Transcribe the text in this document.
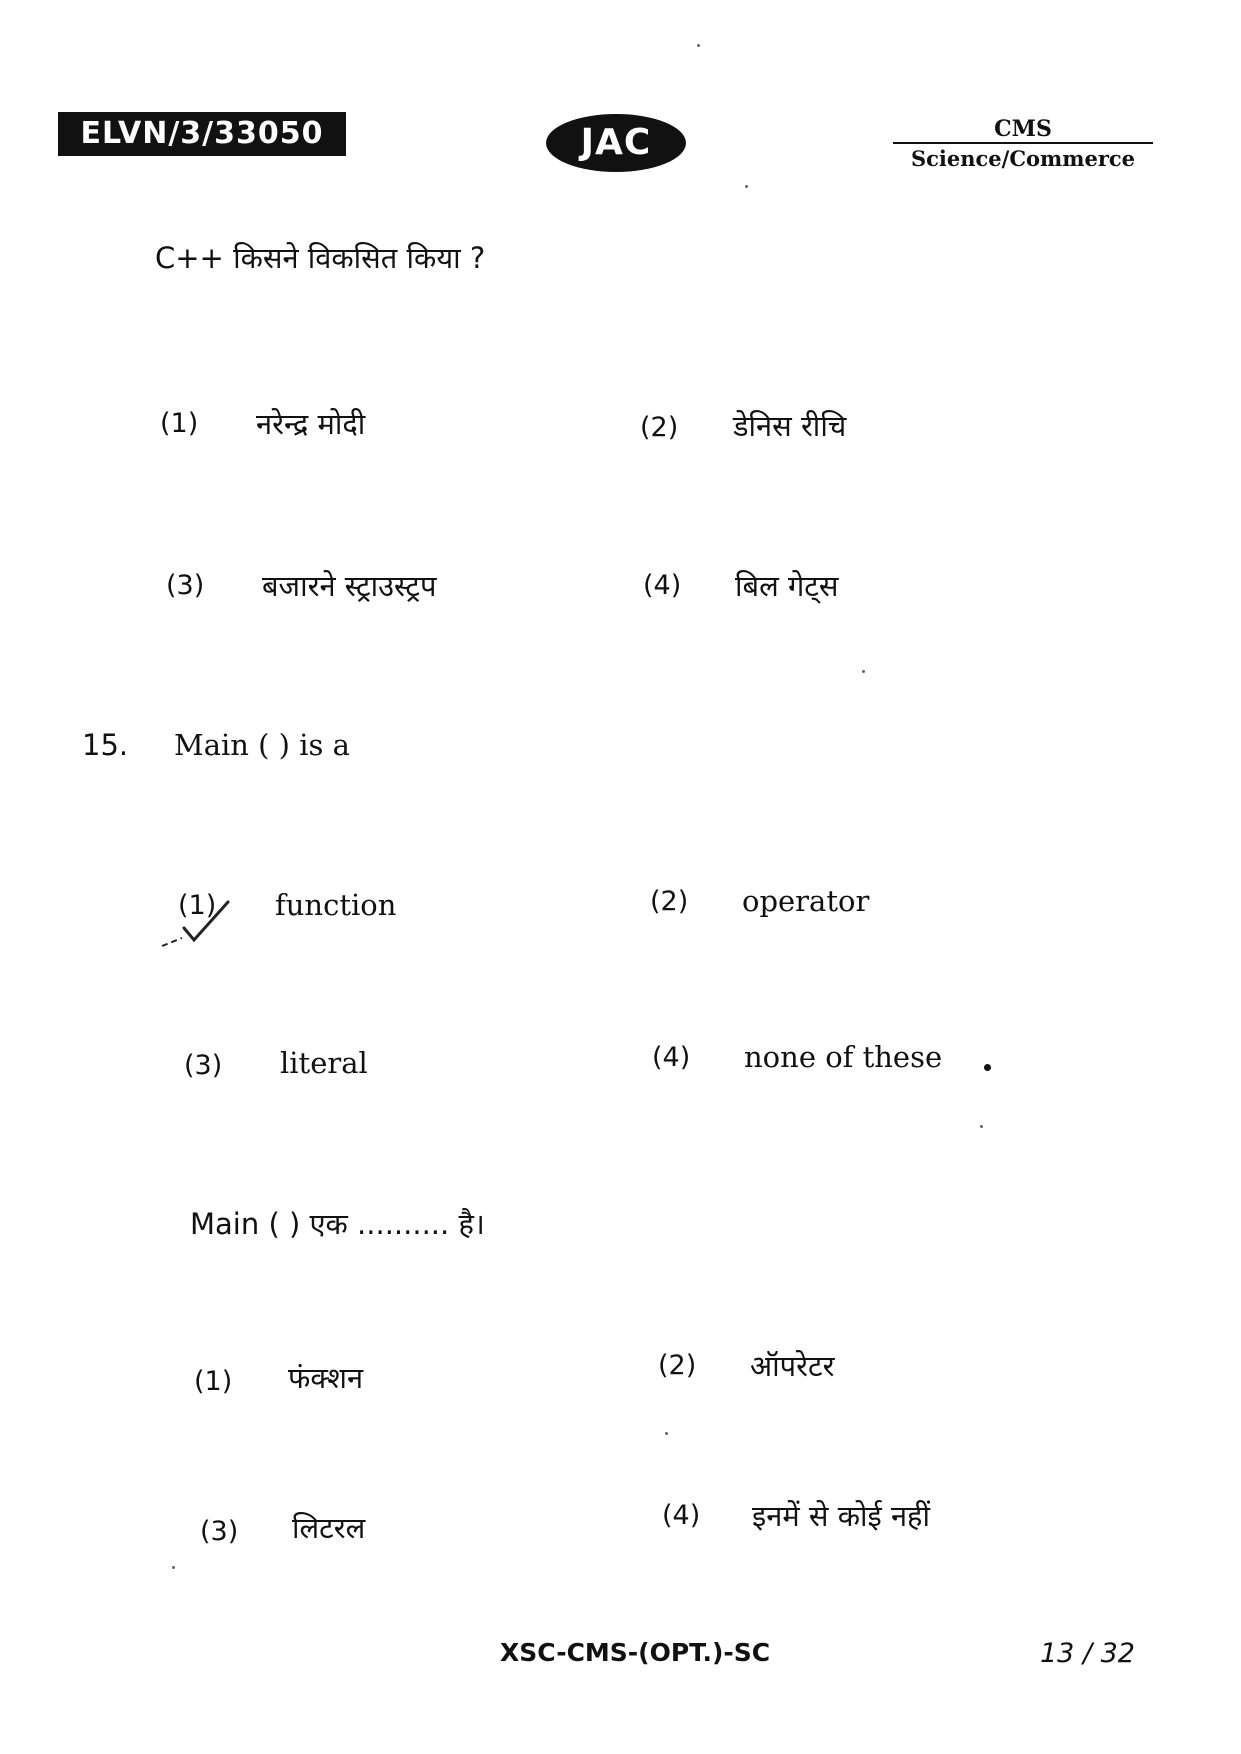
ELVN/3/33050	JAC	CMS
Science/Commerce
C++ किसने विकसित किया ?
(1) नरेन्द्र मोदी	(2) डेनिस रीचि
(3) बजारने स्ट्राउस्ट्रप	(4) बिल गेट्स
15. Main ( ) is a
(1) function	(2) operator
(3) literal	(4) none of these
Main ( ) एक .......... है।
(1) फंक्शन	(2) ऑपरेटर
(3) लिटरल	(4) इनमें से कोई नहीं
XSC-CMS-(OPT.)-SC	13 / 32
